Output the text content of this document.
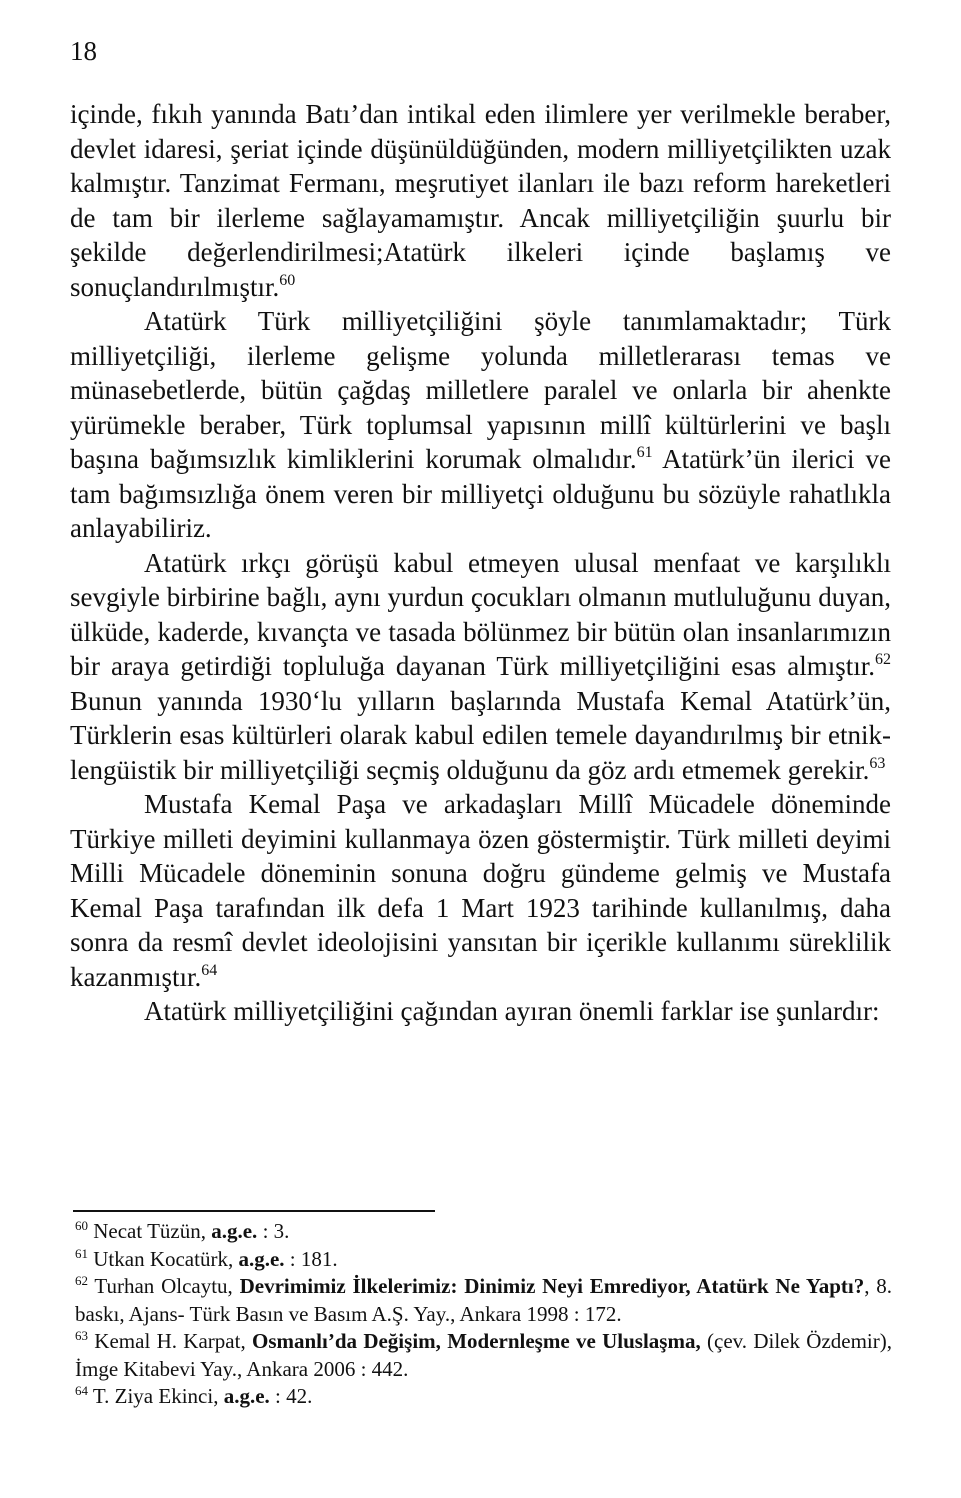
18

içinde, fıkıh yanında Batı’dan intikal eden ilimlere yer verilmekle beraber, devlet idaresi, şeriat içinde düşünüldüğünden, modern milliyetçilikten uzak kalmıştır. Tanzimat Fermanı, meşrutiyet ilanları ile bazı reform hareketleri de tam bir ilerleme sağlayamamıştır. Ancak milliyetçiliğin şuurlu bir şekilde değerlendirilmesi;Atatürk ilkeleri içinde başlamış ve sonuçlandırılmıştır.$^{60}$

Atatürk Türk milliyetçiliğini şöyle tanımlamaktadır; Türk milliyetçiliği, ilerleme gelişme yolunda milletlerarası temas ve münasebetlerde, bütün çağdaş milletlere paralel ve onlarla bir ahenkte yürümekle beraber, Türk toplumsal yapısının millî kültürlerini ve başlı başına bağımsızlık kimliklerini korumak olmalıdır.$^{61}$ Atatürk’ün ilerici ve tam bağımsızlığa önem veren bir milliyetçi olduğunu bu sözüyle rahatlıkla anlayabiliriz.

Atatürk ırkçı görüşü kabul etmeyen ulusal menfaat ve karşılıklı sevgiyle birbirine bağlı, aynı yurdun çocukları olmanın mutluluğunu duyan, ülküde, kaderde, kıvançta ve tasada bölünmez bir bütün olan insanlarımızın bir araya getirdiği topluluğa dayanan Türk milliyetçiliğini esas almıştır.$^{62}$ Bunun yanında 1930‘lu yılların başlarında Mustafa Kemal Atatürk’ün, Türklerin esas kültürleri olarak kabul edilen temele dayandırılmış bir etnik-lengüistik bir milliyetçiliği seçmiş olduğunu da göz ardı etmemek gerekir.$^{63}$

Mustafa Kemal Paşa ve arkadaşları Millî Mücadele döneminde Türkiye milleti deyimini kullanmaya özen göstermiştir. Türk milleti deyimi Milli Mücadele döneminin sonuna doğru gündeme gelmiş ve Mustafa Kemal Paşa tarafından ilk defa 1 Mart 1923 tarihinde kullanılmış, daha sonra da resmî devlet ideolojisini yansıtan bir içerikle kullanımı süreklilik kazanmıştır.$^{64}$

Atatürk milliyetçiliğini çağından ayıran önemli farklar ise şunlardır:

$^{60}$ Necat Tüzün, a.g.e. : 3.

$^{61}$ Utkan Kocatürk, a.g.e. : 181.

$^{62}$ Turhan Olcaytu, Devrimimiz İlkelerimiz: Dinimiz Neyi Emrediyor, Atatürk Ne Yaptı?, 8. baskı, Ajans- Türk Basın ve Basım A.Ş. Yay., Ankara 1998 : 172.

$^{63}$ Kemal H. Karpat, Osmanlı’da Değişim, Modernleşme ve Uluslaşma, (çev. Dilek Özdemir), İmge Kitabevi Yay., Ankara 2006 : 442.

$^{64}$ T. Ziya Ekinci, a.g.e. : 42.
